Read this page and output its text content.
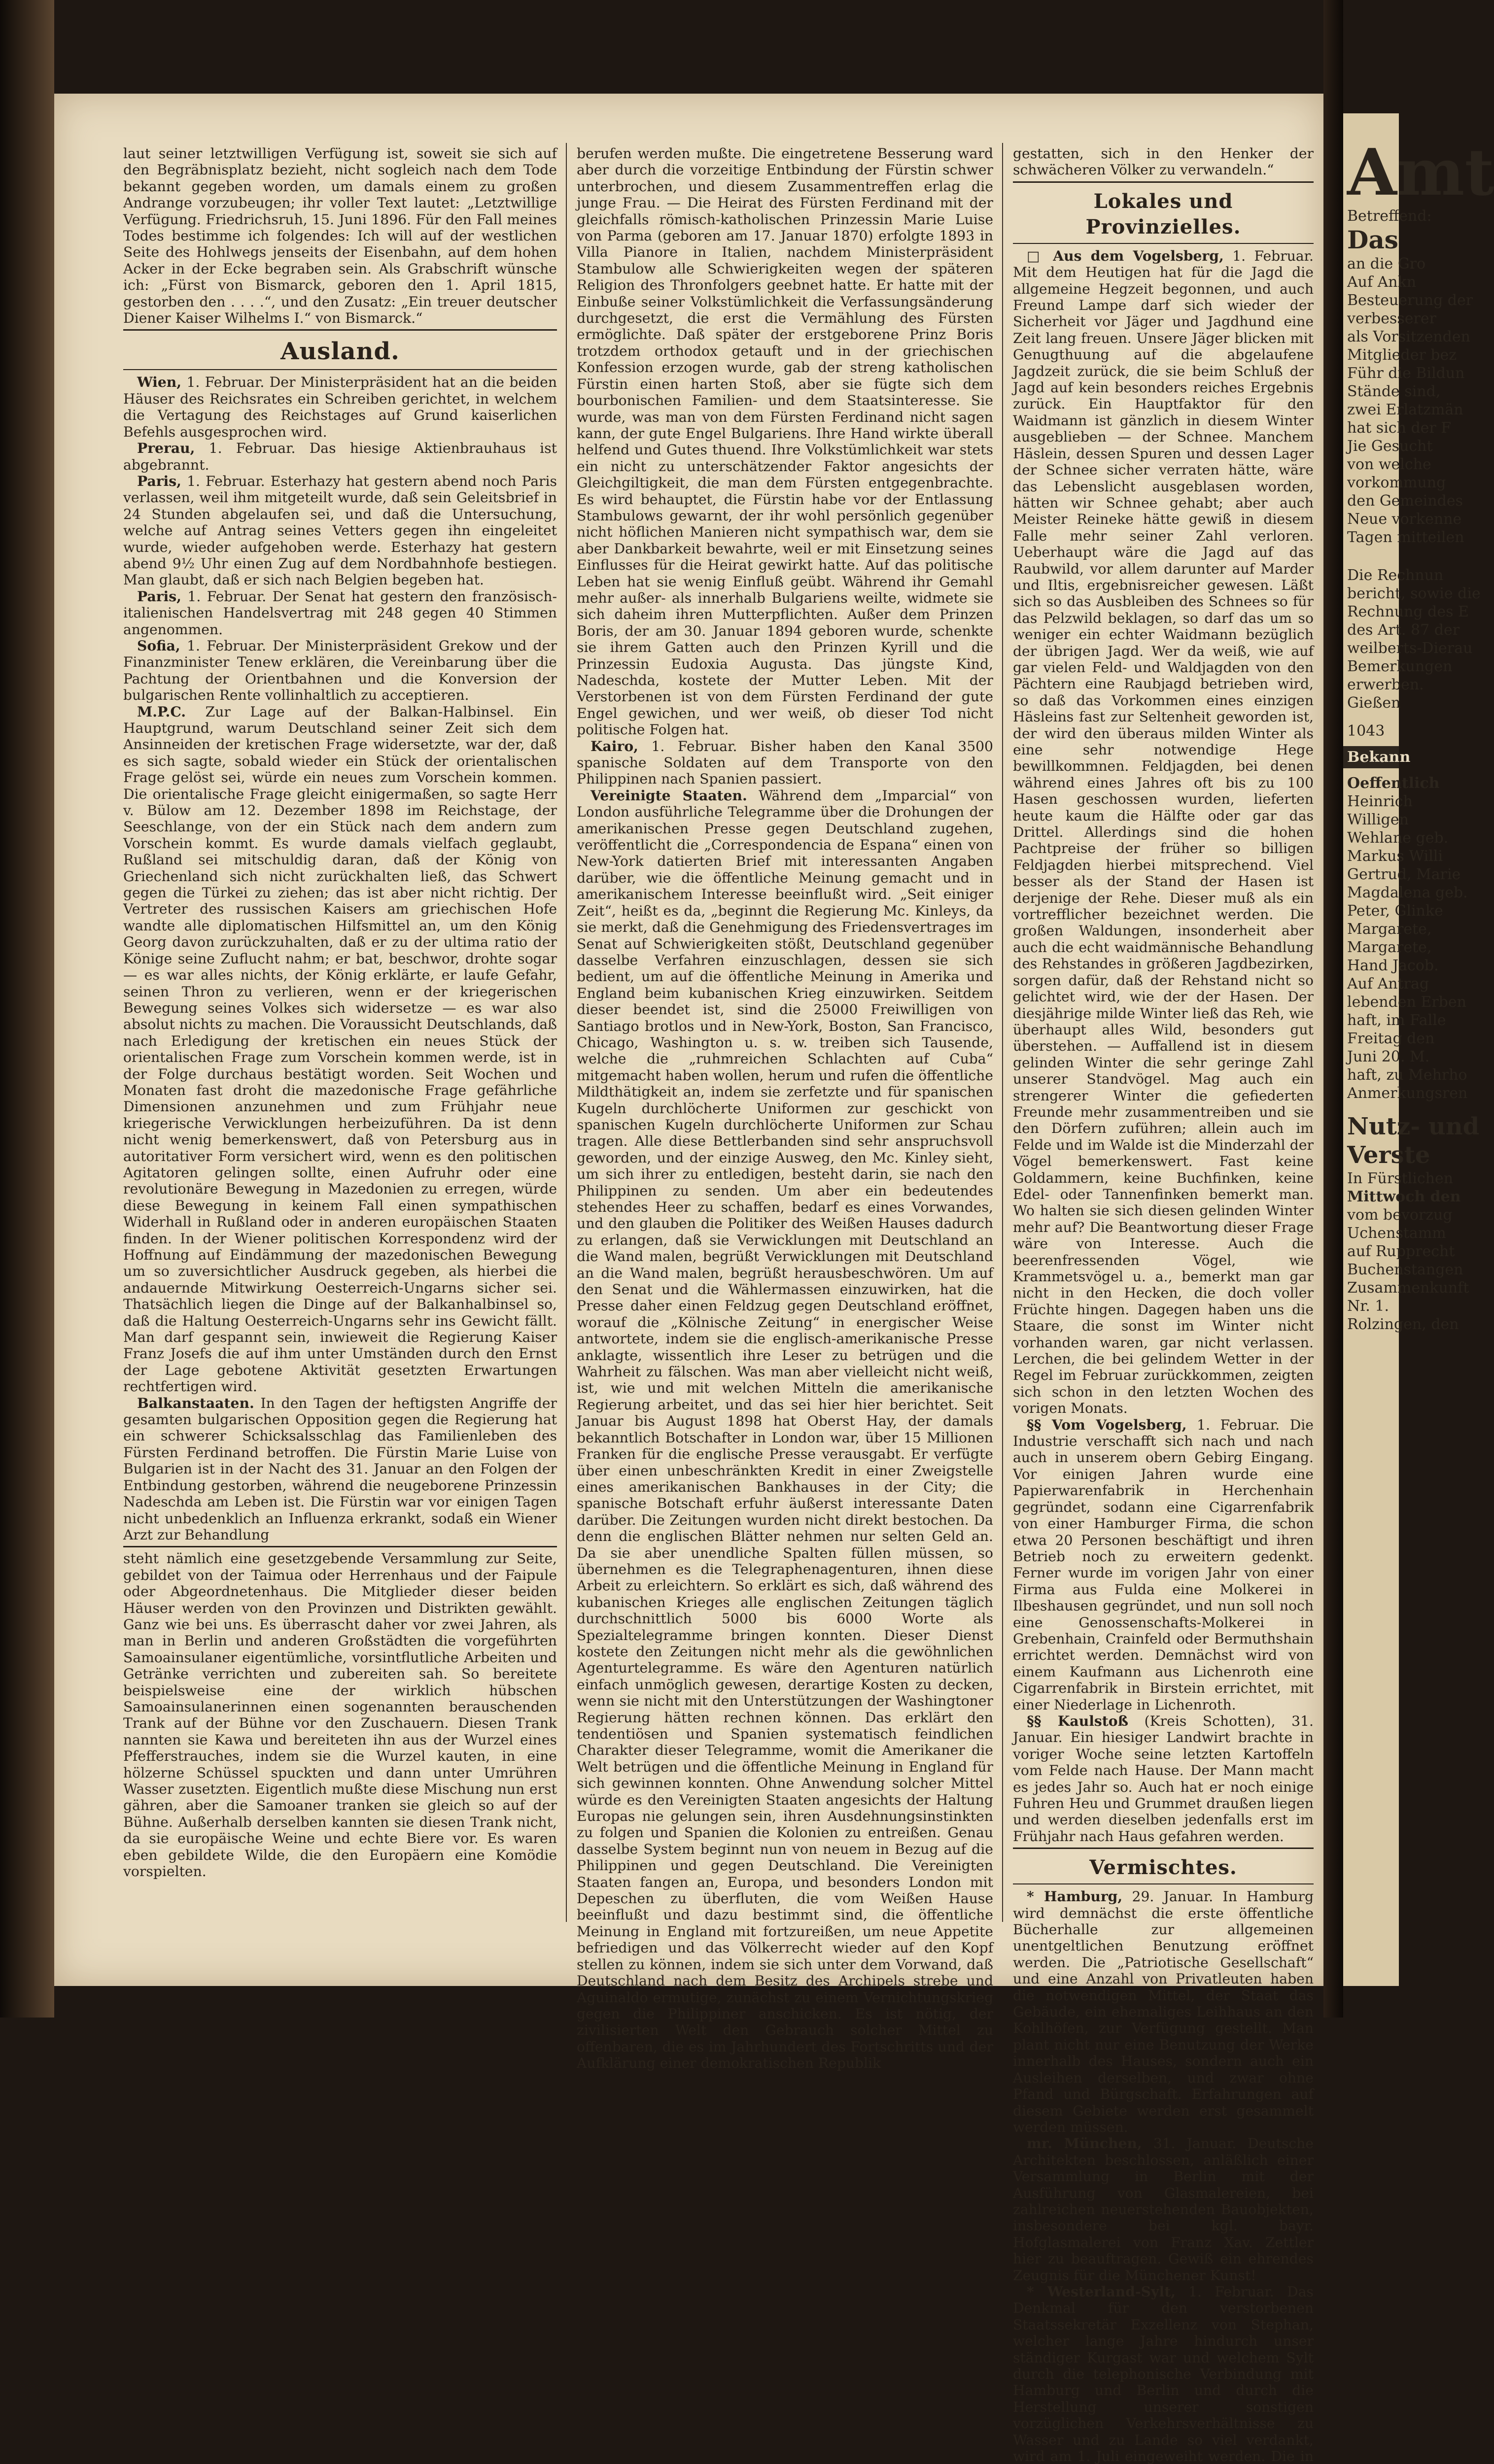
laut seiner letztwilligen Verfügung ist, soweit sie sich auf den Begräbnisplatz bezieht, nicht sogleich nach dem Tode bekannt gegeben worden, um damals einem zu großen Andrange vorzubeugen; ihr voller Text lautet: „Letztwillige Verfügung. Friedrichsruh, 15. Juni 1896. Für den Fall meines Todes bestimme ich folgendes: Ich will auf der westlichen Seite des Hohlwegs jenseits der Eisenbahn, auf dem hohen Acker in der Ecke begraben sein. Als Grabschrift wünsche ich: „Fürst von Bismarck, geboren den 1. April 1815, gestorben den . . . .“, und den Zusatz: „Ein treuer deutscher Diener Kaiser Wilhelms I.“ von Bismarck.“

Ausland.

Wien, 1. Februar. Der Ministerpräsident hat an die beiden Häuser des Reichsrates ein Schreiben gerichtet, in welchem die Vertagung des Reichstages auf Grund kaiserlichen Befehls ausgesprochen wird.

Prerau, 1. Februar. Das hiesige Aktienbrauhaus ist abgebrannt.

Paris, 1. Februar. Esterhazy hat gestern abend noch Paris verlassen, weil ihm mitgeteilt wurde, daß sein Geleitsbrief in 24 Stunden abgelaufen sei, und daß die Untersuchung, welche auf Antrag seines Vetters gegen ihn eingeleitet wurde, wieder aufgehoben werde. Esterhazy hat gestern abend 9½ Uhr einen Zug auf dem Nordbahnhofe bestiegen. Man glaubt, daß er sich nach Belgien begeben hat.

Paris, 1. Februar. Der Senat hat gestern den französisch-italienischen Handelsvertrag mit 248 gegen 40 Stimmen angenommen.

Sofia, 1. Februar. Der Ministerpräsident Grekow und der Finanzminister Tenew erklären, die Vereinbarung über die Pachtung der Orientbahnen und die Konversion der bulgarischen Rente vollinhaltlich zu acceptieren.

M.P.C. Zur Lage auf der Balkan-Halbinsel. Ein Hauptgrund, warum Deutschland seiner Zeit sich dem Ansinneiden der kretischen Frage widersetzte, war der, daß es sich sagte, sobald wieder ein Stück der orientalischen Frage gelöst sei, würde ein neues zum Vorschein kommen. Die orientalische Frage gleicht einigermaßen, so sagte Herr v. Bülow am 12. Dezember 1898 im Reichstage, der Seeschlange, von der ein Stück nach dem andern zum Vorschein kommt. Es wurde damals vielfach geglaubt, Rußland sei mitschuldig daran, daß der König von Griechenland sich nicht zurückhalten ließ, das Schwert gegen die Türkei zu ziehen; das ist aber nicht richtig. Der Vertreter des russischen Kaisers am griechischen Hofe wandte alle diplomatischen Hilfsmittel an, um den König Georg davon zurückzuhalten, daß er zu der ultima ratio der Könige seine Zuflucht nahm; er bat, beschwor, drohte sogar — es war alles nichts, der König erklärte, er laufe Gefahr, seinen Thron zu verlieren, wenn er der kriegerischen Bewegung seines Volkes sich widersetze — es war also absolut nichts zu machen. Die Voraussicht Deutschlands, daß nach Erledigung der kretischen ein neues Stück der orientalischen Frage zum Vorschein kommen werde, ist in der Folge durchaus bestätigt worden. Seit Wochen und Monaten fast droht die mazedonische Frage gefährliche Dimensionen anzunehmen und zum Frühjahr neue kriegerische Verwicklungen herbeizuführen. Da ist denn nicht wenig bemerkenswert, daß von Petersburg aus in autoritativer Form versichert wird, wenn es den politischen Agitatoren gelingen sollte, einen Aufruhr oder eine revolutionäre Bewegung in Mazedonien zu erregen, würde diese Bewegung in keinem Fall einen sympathischen Widerhall in Rußland oder in anderen europäischen Staaten finden. In der Wiener politischen Korrespondenz wird der Hoffnung auf Eindämmung der mazedonischen Bewegung um so zuversichtlicher Ausdruck gegeben, als hierbei die andauernde Mitwirkung Oesterreich-Ungarns sicher sei. Thatsächlich liegen die Dinge auf der Balkanhalbinsel so, daß die Haltung Oesterreich-Ungarns sehr ins Gewicht fällt. Man darf gespannt sein, inwieweit die Regierung Kaiser Franz Josefs die auf ihm unter Umständen durch den Ernst der Lage gebotene Aktivität gesetzten Erwartungen rechtfertigen wird.

Balkanstaaten. In den Tagen der heftigsten Angriffe der gesamten bulgarischen Opposition gegen die Regierung hat ein schwerer Schicksalsschlag das Familienleben des Fürsten Ferdinand betroffen. Die Fürstin Marie Luise von Bulgarien ist in der Nacht des 31. Januar an den Folgen der Entbindung gestorben, während die neugeborene Prinzessin Nadeschda am Leben ist. Die Fürstin war vor einigen Tagen nicht unbedenklich an Influenza erkrankt, sodaß ein Wiener Arzt zur Behandlung

steht nämlich eine gesetzgebende Versammlung zur Seite, gebildet von der Taimua oder Herrenhaus und der Faipule oder Abgeordnetenhaus. Die Mitglieder dieser beiden Häuser werden von den Provinzen und Distrikten gewählt. Ganz wie bei uns. Es überrascht daher vor zwei Jahren, als man in Berlin und anderen Großstädten die vorgeführten Samoainsulaner eigentümliche, vorsintflutliche Arbeiten und Getränke verrichten und zubereiten sah. So bereitete beispielsweise eine der wirklich hübschen Samoainsulanerinnen einen sogenannten berauschenden Trank auf der Bühne vor den Zuschauern. Diesen Trank nannten sie Kawa und bereiteten ihn aus der Wurzel eines Pfefferstrauches, indem sie die Wurzel kauten, in eine hölzerne Schüssel spuckten und dann unter Umrühren Wasser zusetzten. Eigentlich mußte diese Mischung nun erst gähren, aber die Samoaner tranken sie gleich so auf der Bühne. Außerhalb derselben kannten sie diesen Trank nicht, da sie europäische Weine und echte Biere vor. Es waren eben gebildete Wilde, die den Europäern eine Komödie vorspielten.

berufen werden mußte. Die eingetretene Besserung ward aber durch die vorzeitige Entbindung der Fürstin schwer unterbrochen, und diesem Zusammentreffen erlag die junge Frau. — Die Heirat des Fürsten Ferdinand mit der gleichfalls römisch-katholischen Prinzessin Marie Luise von Parma (geboren am 17. Januar 1870) erfolgte 1893 in Villa Pianore in Italien, nachdem Ministerpräsident Stambulow alle Schwierigkeiten wegen der späteren Religion des Thronfolgers geebnet hatte. Er hatte mit der Einbuße seiner Volkstümlichkeit die Verfassungsänderung durchgesetzt, die erst die Vermählung des Fürsten ermöglichte. Daß später der erstgeborene Prinz Boris trotzdem orthodox getauft und in der griechischen Konfession erzogen wurde, gab der streng katholischen Fürstin einen harten Stoß, aber sie fügte sich dem bourbonischen Familien- und dem Staatsinteresse. Sie wurde, was man von dem Fürsten Ferdinand nicht sagen kann, der gute Engel Bulgariens. Ihre Hand wirkte überall helfend und Gutes thuend. Ihre Volkstümlichkeit war stets ein nicht zu unterschätzender Faktor angesichts der Gleichgiltigkeit, die man dem Fürsten entgegenbrachte. Es wird behauptet, die Fürstin habe vor der Entlassung Stambulows gewarnt, der ihr wohl persönlich gegenüber nicht höflichen Manieren nicht sympathisch war, dem sie aber Dankbarkeit bewahrte, weil er mit Einsetzung seines Einflusses für die Heirat gewirkt hatte. Auf das politische Leben hat sie wenig Einfluß geübt. Während ihr Gemahl mehr außer- als innerhalb Bulgariens weilte, widmete sie sich daheim ihren Mutterpflichten. Außer dem Prinzen Boris, der am 30. Januar 1894 geboren wurde, schenkte sie ihrem Gatten auch den Prinzen Kyrill und die Prinzessin Eudoxia Augusta. Das jüngste Kind, Nadeschda, kostete der Mutter Leben. Mit der Verstorbenen ist von dem Fürsten Ferdinand der gute Engel gewichen, und wer weiß, ob dieser Tod nicht politische Folgen hat.

Kairo, 1. Februar. Bisher haben den Kanal 3500 spanische Soldaten auf dem Transporte von den Philippinen nach Spanien passiert.

Vereinigte Staaten. Während dem „Imparcial“ von London ausführliche Telegramme über die Drohungen der amerikanischen Presse gegen Deutschland zugehen, veröffentlicht die „Correspondencia de Espana“ einen von New-York datierten Brief mit interessanten Angaben darüber, wie die öffentliche Meinung gemacht und in amerikanischem Interesse beeinflußt wird. „Seit einiger Zeit“, heißt es da, „beginnt die Regierung Mc. Kinleys, da sie merkt, daß die Genehmigung des Friedensvertrages im Senat auf Schwierigkeiten stößt, Deutschland gegenüber dasselbe Verfahren einzuschlagen, dessen sie sich bedient, um auf die öffentliche Meinung in Amerika und England beim kubanischen Krieg einzuwirken. Seitdem dieser beendet ist, sind die 25000 Freiwilligen von Santiago brotlos und in New-York, Boston, San Francisco, Chicago, Washington u. s. w. treiben sich Tausende, welche die „ruhmreichen Schlachten auf Cuba“ mitgemacht haben wollen, herum und rufen die öffentliche Mildthätigkeit an, indem sie zerfetzte und für spanischen Kugeln durchlöcherte Uniformen zur geschickt von spanischen Kugeln durchlöcherte Uniformen zur Schau tragen. Alle diese Bettlerbanden sind sehr anspruchsvoll geworden, und der einzige Ausweg, den Mc. Kinley sieht, um sich ihrer zu entledigen, besteht darin, sie nach den Philippinen zu senden. Um aber ein bedeutendes stehendes Heer zu schaffen, bedarf es eines Vorwandes, und den glauben die Politiker des Weißen Hauses dadurch zu erlangen, daß sie Verwicklungen mit Deutschland an die Wand malen, begrüßt Verwicklungen mit Deutschland an die Wand malen, begrüßt herausbeschwören. Um auf den Senat und die Wählermassen einzuwirken, hat die Presse daher einen Feldzug gegen Deutschland eröffnet, worauf die „Kölnische Zeitung“ in energischer Weise antwortete, indem sie die englisch-amerikanische Presse anklagte, wissentlich ihre Leser zu betrügen und die Wahrheit zu fälschen. Was man aber vielleicht nicht weiß, ist, wie und mit welchen Mitteln die amerikanische Regierung arbeitet, und das sei hier hier berichtet. Seit Januar bis August 1898 hat Oberst Hay, der damals bekanntlich Botschafter in London war, über 15 Millionen Franken für die englische Presse verausgabt. Er verfügte über einen unbeschränkten Kredit in einer Zweigstelle eines amerikanischen Bankhauses in der City; die spanische Botschaft erfuhr äußerst interessante Daten darüber. Die Zeitungen wurden nicht direkt bestochen. Da denn die englischen Blätter nehmen nur selten Geld an. Da sie aber unendliche Spalten füllen müssen, so übernehmen es die Telegraphenagenturen, ihnen diese Arbeit zu erleichtern. So erklärt es sich, daß während des kubanischen Krieges alle englischen Zeitungen täglich durchschnittlich 5000 bis 6000 Worte als Spezialtelegramme bringen konnten. Dieser Dienst kostete den Zeitungen nicht mehr als die gewöhnlichen Agenturtelegramme. Es wäre den Agenturen natürlich einfach unmöglich gewesen, derartige Kosten zu decken, wenn sie nicht mit den Unterstützungen der Washingtoner Regierung hätten rechnen können. Das erklärt den tendentiösen und Spanien systematisch feindlichen Charakter dieser Telegramme, womit die Amerikaner die Welt betrügen und die öffentliche Meinung in England für sich gewinnen konnten. Ohne Anwendung solcher Mittel würde es den Vereinigten Staaten angesichts der Haltung Europas nie gelungen sein, ihren Ausdehnungsinstinkten zu folgen und Spanien die Kolonien zu entreißen. Genau dasselbe System beginnt nun von neuem in Bezug auf die Philippinen und gegen Deutschland. Die Vereinigten Staaten fangen an, Europa, und besonders London mit Depeschen zu überfluten, die vom Weißen Hause beeinflußt und dazu bestimmt sind, die öffentliche Meinung in England mit fortzureißen, um neue Appetite befriedigen und das Völkerrecht wieder auf den Kopf stellen zu können, indem sie sich unter dem Vorwand, daß Deutschland nach dem Besitz des Archipels strebe und Aguinaldo ermutige, zunächst zu einem Vernichtungskrieg gegen die Philippiner anschicken. Es ist nötig, der zivilisierten Welt den Gebrauch solcher Mittel zu offenbaren, die es im Jahrhundert des Fortschritts und der Aufklärung einer demokratischen Republik

gestatten, sich in den Henker der schwächeren Völker zu verwandeln.“

Lokales und Provinzielles.

□ Aus dem Vogelsberg, 1. Februar. Mit dem Heutigen hat für die Jagd die allgemeine Hegzeit begonnen, und auch Freund Lampe darf sich wieder der Sicherheit vor Jäger und Jagdhund eine Zeit lang freuen. Unsere Jäger blicken mit Genugthuung auf die abgelaufene Jagdzeit zurück, die sie beim Schluß der Jagd auf kein besonders reiches Ergebnis zurück. Ein Hauptfaktor für den Waidmann ist gänzlich in diesem Winter ausgeblieben — der Schnee. Manchem Häslein, dessen Spuren und dessen Lager der Schnee sicher verraten hätte, wäre das Lebenslicht ausgeblasen worden, hätten wir Schnee gehabt; aber auch Meister Reineke hätte gewiß in diesem Falle mehr seiner Zahl verloren. Ueberhaupt wäre die Jagd auf das Raubwild, vor allem darunter auf Marder und Iltis, ergebnisreicher gewesen. Läßt sich so das Ausbleiben des Schnees so für das Pelzwild beklagen, so darf das um so weniger ein echter Waidmann bezüglich der übrigen Jagd. Wer da weiß, wie auf gar vielen Feld- und Waldjagden von den Pächtern eine Raubjagd betrieben wird, so daß das Vorkommen eines einzigen Häsleins fast zur Seltenheit geworden ist, der wird den überaus milden Winter als eine sehr notwendige Hege bewillkommnen. Feldjagden, bei denen während eines Jahres oft bis zu 100 Hasen geschossen wurden, lieferten heute kaum die Hälfte oder gar das Drittel. Allerdings sind die hohen Pachtpreise der früher so billigen Feldjagden hierbei mitsprechend. Viel besser als der Stand der Hasen ist derjenige der Rehe. Dieser muß als ein vortrefflicher bezeichnet werden. Die großen Waldungen, insonderheit aber auch die echt waidmännische Behandlung des Rehstandes in größeren Jagdbezirken, sorgen dafür, daß der Rehstand nicht so gelichtet wird, wie der der Hasen. Der diesjährige milde Winter ließ das Reh, wie überhaupt alles Wild, besonders gut überstehen. — Auffallend ist in diesem gelinden Winter die sehr geringe Zahl unserer Standvögel. Mag auch ein strengerer Winter die gefiederten Freunde mehr zusammentreiben und sie den Dörfern zuführen; allein auch im Felde und im Walde ist die Minderzahl der Vögel bemerkenswert. Fast keine Goldammern, keine Buchfinken, keine Edel- oder Tannenfinken bemerkt man. Wo halten sie sich diesen gelinden Winter mehr auf? Die Beantwortung dieser Frage wäre von Interesse. Auch die beerenfressenden Vögel, wie Krammetsvögel u. a., bemerkt man gar nicht in den Hecken, die doch voller Früchte hingen. Dagegen haben uns die Staare, die sonst im Winter nicht vorhanden waren, gar nicht verlassen. Lerchen, die bei gelindem Wetter in der Regel im Februar zurückkommen, zeigten sich schon in den letzten Wochen des vorigen Monats.

§§ Vom Vogelsberg, 1. Februar. Die Industrie verschafft sich nach und nach auch in unserem obern Gebirg Eingang. Vor einigen Jahren wurde eine Papierwarenfabrik in Herchenhain gegründet, sodann eine Cigarrenfabrik von einer Hamburger Firma, die schon etwa 20 Personen beschäftigt und ihren Betrieb noch zu erweitern gedenkt. Ferner wurde im vorigen Jahr von einer Firma aus Fulda eine Molkerei in Ilbeshausen gegründet, und nun soll noch eine Genossenschafts-Molkerei in Grebenhain, Crainfeld oder Bermuthshain errichtet werden. Demnächst wird von einem Kaufmann aus Lichenroth eine Cigarrenfabrik in Birstein errichtet, mit einer Niederlage in Lichenroth.

§§ Kaulstoß (Kreis Schotten), 31. Januar. Ein hiesiger Landwirt brachte in voriger Woche seine letzten Kartoffeln vom Felde nach Hause. Der Mann macht es jedes Jahr so. Auch hat er noch einige Fuhren Heu und Grummet draußen liegen und werden dieselben jedenfalls erst im Frühjahr nach Haus gefahren werden.

Vermischtes.

* Hamburg, 29. Januar. In Hamburg wird demnächst die erste öffentliche Bücherhalle zur allgemeinen unentgeltlichen Benutzung eröffnet werden. Die „Patriotische Gesellschaft“ und eine Anzahl von Privatleuten haben die notwendigen Mittel, der Staat das Gebäude, ein ehemaliges Leihhaus an den Kohlhöfen, zur Verfügung gestellt. Man plant nicht nur eine Benutzung der Werke innerhalb des Hauses, sondern auch ein Ausleihen derselben, und zwar ohne Pfand und Bürgschaft. Erfahrungen auf diesem Gebiete werden erst gesammelt werden müssen.

mr. München, 31. Januar. Deutsche Architekten beschlossen, anläßlich einer Versammlung in Berlin mit der Ausführung von Glasmalereien, bei zahlreichen neuerstehenden Bauobjekten, insbesondere bei kgl. bayr. Hofglasmalerei von Franz Xav. Zettler hier zu beauftragen. Gewiß ein ehrendes Zeugnis für die Münchener Kunst!

* Westerland-Sylt, 1. Februar. Das Denkmal für den verstorbenen Staatssekretär Exzellenz von Stephan, welcher lange Jahre hindurch unser ständiger Kurgast war und welchem Sylt durch die telephonische Verbindung mit Hamburg und Berlin und durch die Herstellung unserer sonstigen vorzüglichen Verkehrsverhältnisse zu Wasser und zu Lande so viel verdankt, wird am 1. Juli eingeweiht werden. Die in

Amt
Betreffend:
Das
an die Gro
Auf Ankn
Besteuerung der
verbesserer
als Vorsitzenden
Mitglieder bez
Führ die Bildun
Stände sind,
zwei Erlatzmän
hat sich der F
Jie Gesucht
von welche
vorkommung
den Gemeindes
Neue vorkenne
Tagen mitteilen
Die Rechnun
bericht, sowie die
Rechnung des E
des Art. 87 der
weilberts-Dierau
Bemerkungen
erwerben.
Gießen
1043
Bekann
Oeffentlich
Heinrich
Willigen
Wehlane geb.
Markus Willi
Gertrud, Marie
Magdalena geb.
Peter, Glinke
Margarete,
Margarete,
Hand Jacob.
Auf Antrag
lebenden Erben
haft, im Falle
Freitag den
Juni 20. M.
haft, zu Mehrho
Anmerkungsren
Nutz- und
Verste
In Fürstlichen
Mittwoch den
vom bevorzug
Uchenstamm
auf Rupprecht
Buchenstangen
Zusammenkunft
Nr. 1.
Rolzingen, den
